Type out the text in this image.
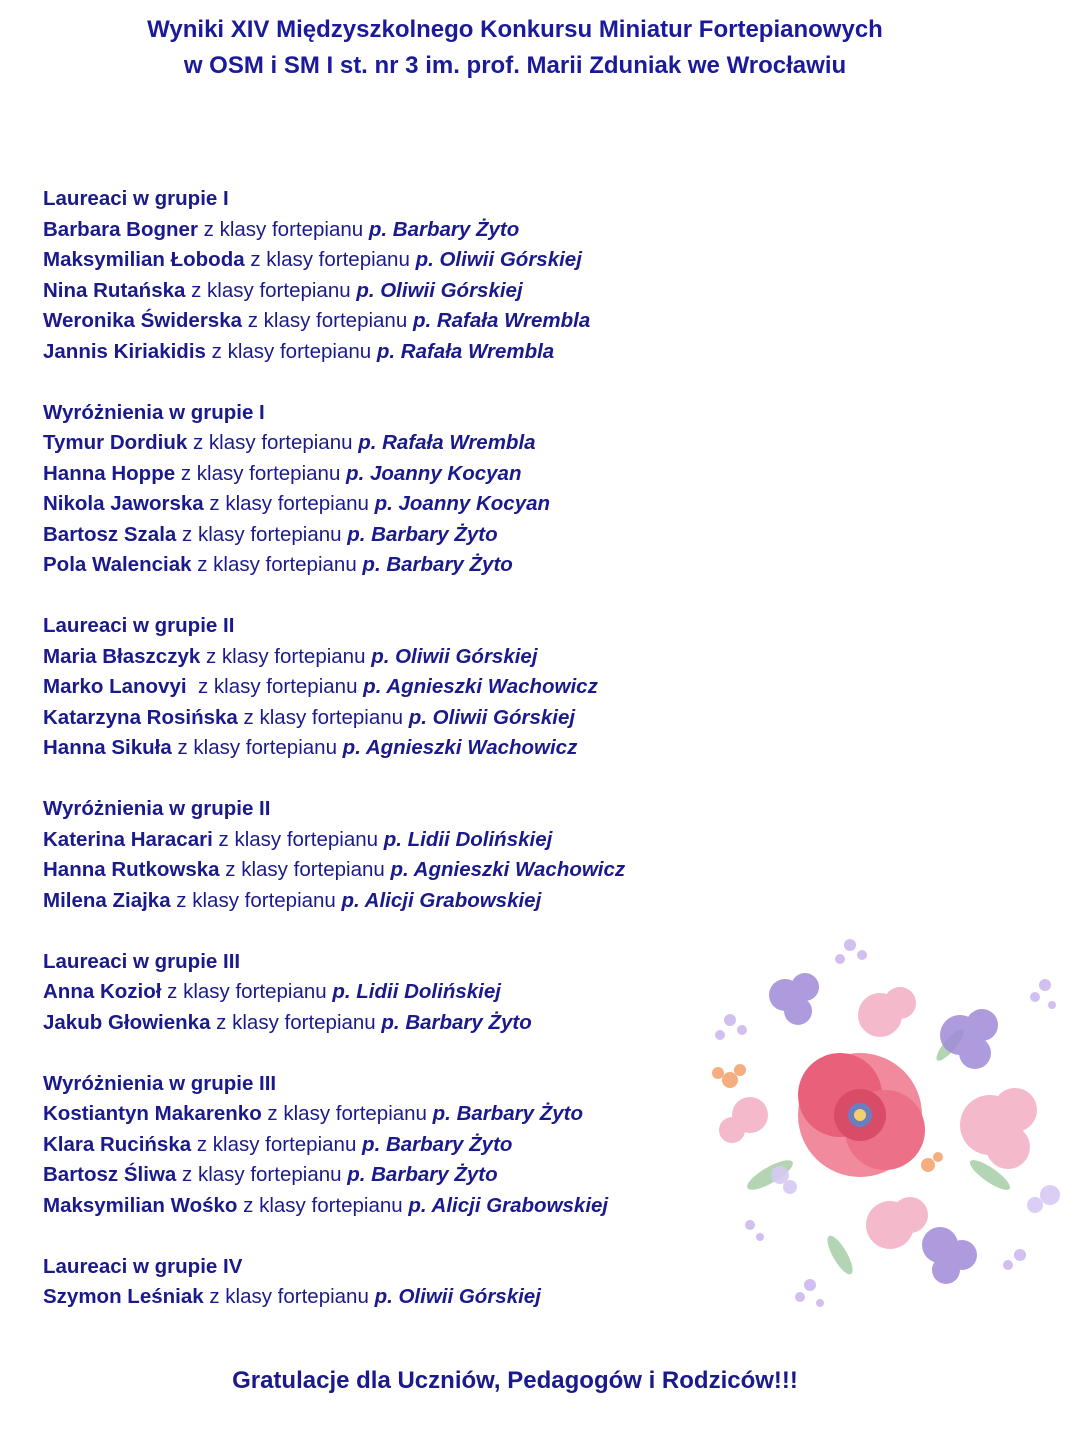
Wyniki XIV Międzyszkolnego Konkursu Miniatur Fortepianowych
w OSM i SM I st. nr 3 im. prof. Marii Zduniak we Wrocławiu
Laureaci w grupie I
Barbara Bogner z klasy fortepianu p. Barbary Żyto
Maksymilian Łoboda z klasy fortepianu p. Oliwii Górskiej
Nina Rutańska z klasy fortepianu p. Oliwii Górskiej
Weronika Świderska z klasy fortepianu p. Rafała Wrembla
Jannis Kiriakidis z klasy fortepianu p. Rafała Wrembla
Wyróżnienia w grupie I
Tymur Dordiuk z klasy fortepianu p. Rafała Wrembla
Hanna Hoppe z klasy fortepianu p. Joanny Kocyan
Nikola Jaworska z klasy fortepianu p. Joanny Kocyan
Bartosz Szala z klasy fortepianu p. Barbary Żyto
Pola Walenciak z klasy fortepianu p. Barbary Żyto
Laureaci w grupie II
Maria Błaszczyk z klasy fortepianu p. Oliwii Górskiej
Marko Lanovyi  z klasy fortepianu p. Agnieszki Wachowicz
Katarzyna Rosińska z klasy fortepianu p. Oliwii Górskiej
Hanna Sikuła z klasy fortepianu p. Agnieszki Wachowicz
Wyróżnienia w grupie II
Katerina Haracari z klasy fortepianu p. Lidii Dolińskiej
Hanna Rutkowska z klasy fortepianu p. Agnieszki Wachowicz
Milena Ziajka z klasy fortepianu p. Alicji Grabowskiej
Laureaci w grupie III
Anna Kozioł z klasy fortepianu p. Lidii Dolińskiej
Jakub Głowienka z klasy fortepianu p. Barbary Żyto
Wyróżnienia w grupie III
Kostiantyn Makarenko z klasy fortepianu p. Barbary Żyto
Klara Rucińska z klasy fortepianu p. Barbary Żyto
Bartosz Śliwa z klasy fortepianu p. Barbary Żyto
Maksymilian Wośko z klasy fortepianu p. Alicji Grabowskiej
Laureaci w grupie IV
Szymon Leśniak z klasy fortepianu p. Oliwii Górskiej
Gratulacje dla Uczniów, Pedagogów i Rodziców!!!
